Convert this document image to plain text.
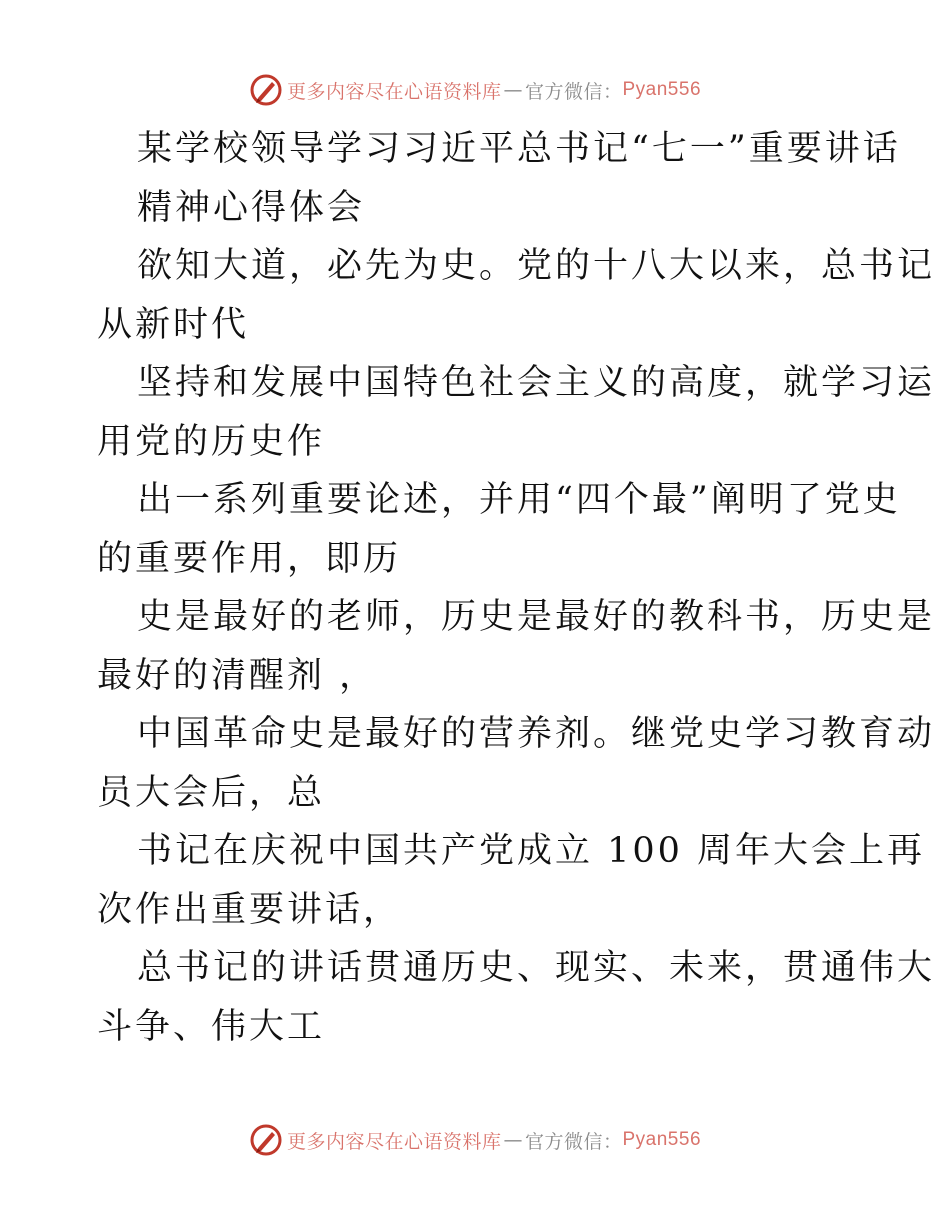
更多内容尽在心语资料库 — 官方微信： Pyan556

某学校领导学习习近平总书记“七一”重要讲话

精神心得体会

欲知大道，必先为史。党的十八大以来，总书记

从新时代

坚持和发展中国特色社会主义的高度，就学习运

用党的历史作

出一系列重要论述，并用“四个最”阐明了党史

的重要作用，即历

史是最好的老师，历史是最好的教科书，历史是

最好的清醒剂 ，

中国革命史是最好的营养剂。继党史学习教育动

员大会后，总

书记在庆祝中国共产党成立 100 周年大会上再

次作出重要讲话，

总书记的讲话贯通历史、现实、未来，贯通伟大

斗争、伟大工

更多内容尽在心语资料库 — 官方微信： Pyan556
